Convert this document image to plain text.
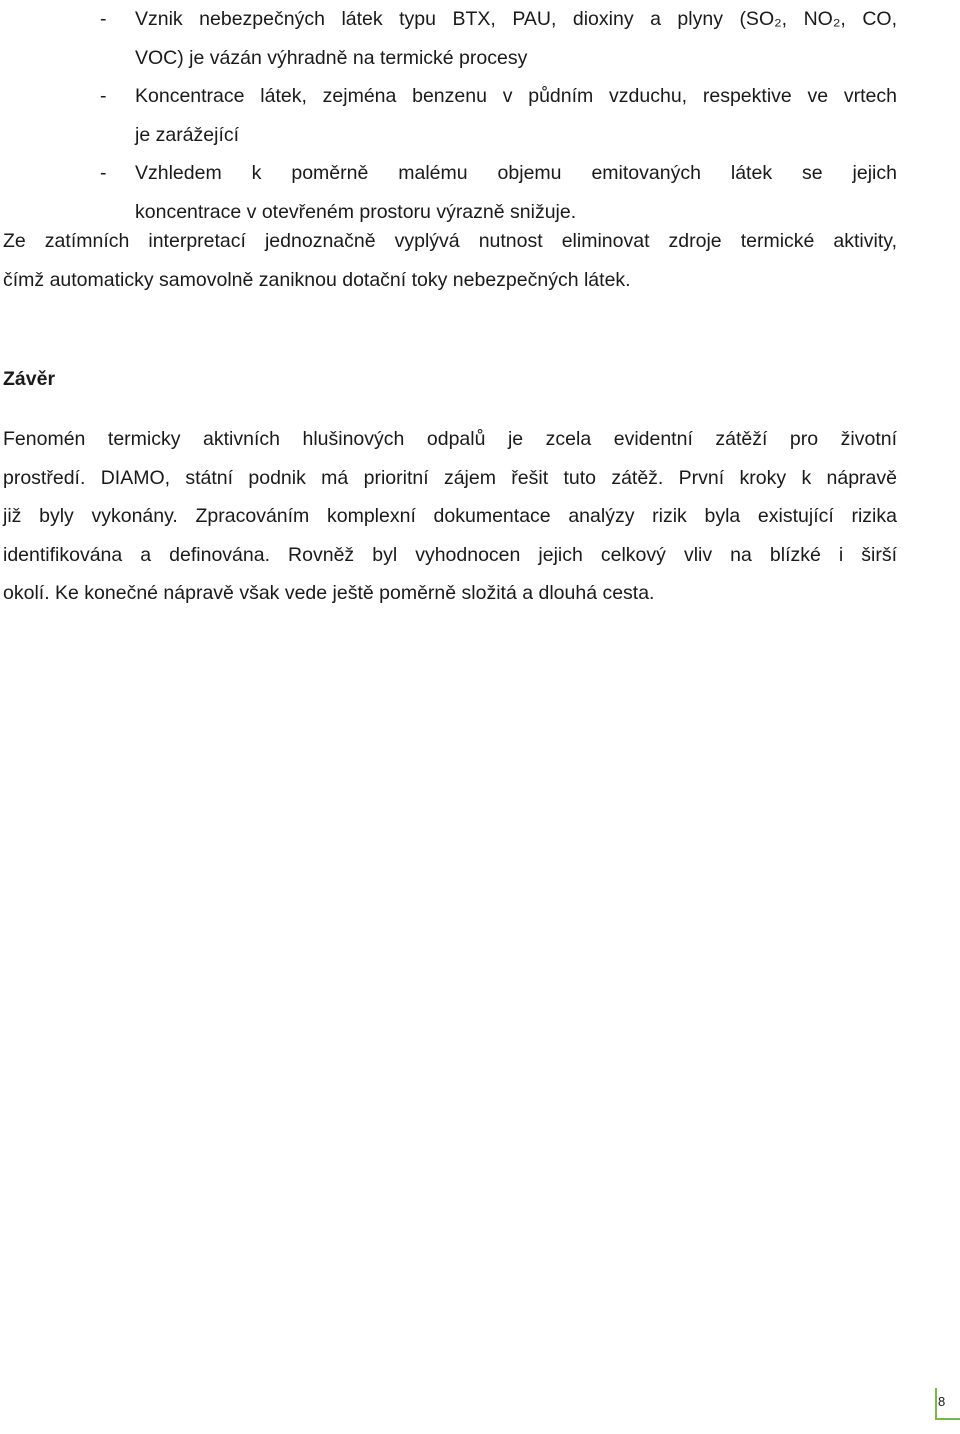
- Vznik nebezpečných látek typu BTX, PAU, dioxiny a plyny (SO₂, NO₂, CO,
VOC) je vázán výhradně na termické procesy
- Koncentrace látek, zejména benzenu v půdním vzduchu, respektive ve vrtech
je zarážející
- Vzhledem k poměrně malému objemu emitovaných látek se jejich
koncentrace v otevřeném prostoru výrazně snižuje.
Ze zatímních interpretací jednoznačně vyplývá nutnost eliminovat zdroje termické aktivity,
čímž automaticky samovolně zaniknou dotační toky nebezpečných látek.
Závěr
Fenomén termicky aktivních hlušinových odpalů je zcela evidentní zátěží pro životní
prostředí. DIAMO, státní podnik má prioritní zájem řešit tuto zátěž. První kroky k nápravě
již byly vykonány. Zpracováním komplexní dokumentace analýzy rizik byla existující rizika
identifikována a definována. Rovněž byl vyhodnocen jejich celkový vliv na blízké i širší
okolí. Ke konečné nápravě však vede ještě poměrně složitá a dlouhá cesta.
8
